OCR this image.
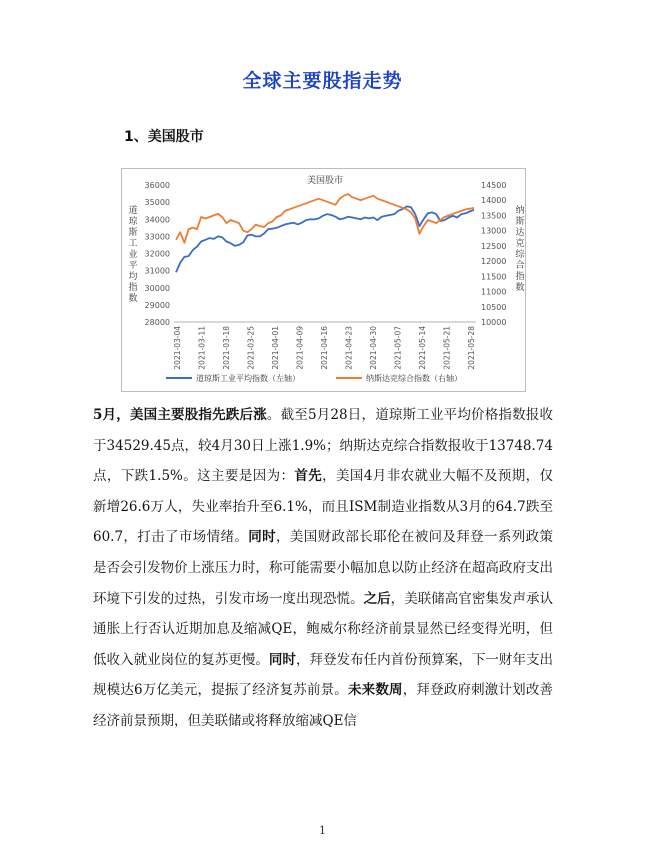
全球主要股指走势
1、美国股市
美国股市
28000
29000
30000
31000
32000
33000
34000
35000
36000
10000
10500
11000
11500
12000
12500
13000
13500
14000
14500
道琼斯工业平均指数
纳斯达克综合指数
2021-03-04 2021-03-11 2021-03-18 2021-03-25 2021-04-01 2021-04-09 2021-04-16 2021-04-23 2021-04-30 2021-05-07 2021-05-14 2021-05-21 2021-05-28
道琼斯工业平均指数（左轴）	纳斯达克综合指数（右轴）
5月，美国主要股指先跌后涨。截至5月28日，道琼斯工业平均价格指数报收于34529.45点，较4月30日上涨1.9%；纳斯达克综合指数报收于13748.74点，下跌1.5%。这主要是因为：首先，美国4月非农就业大幅不及预期，仅新增26.6万人，失业率抬升至6.1%，而且ISM制造业指数从3月的64.7跌至60.7，打击了市场情绪。同时，美国财政部长耶伦在被问及拜登一系列政策是否会引发物价上涨压力时，称可能需要小幅加息以防止经济在超高政府支出环境下引发的过热，引发市场一度出现恐慌。之后，美联储高官密集发声承认通胀上行否认近期加息及缩减QE，鲍威尔称经济前景显然已经变得光明，但低收入就业岗位的复苏更慢。同时，拜登发布任内首份预算案，下一财年支出规模达6万亿美元，提振了经济复苏前景。未来数周，拜登政府刺激计划改善经济前景预期，但美联储或将释放缩减QE信
1
